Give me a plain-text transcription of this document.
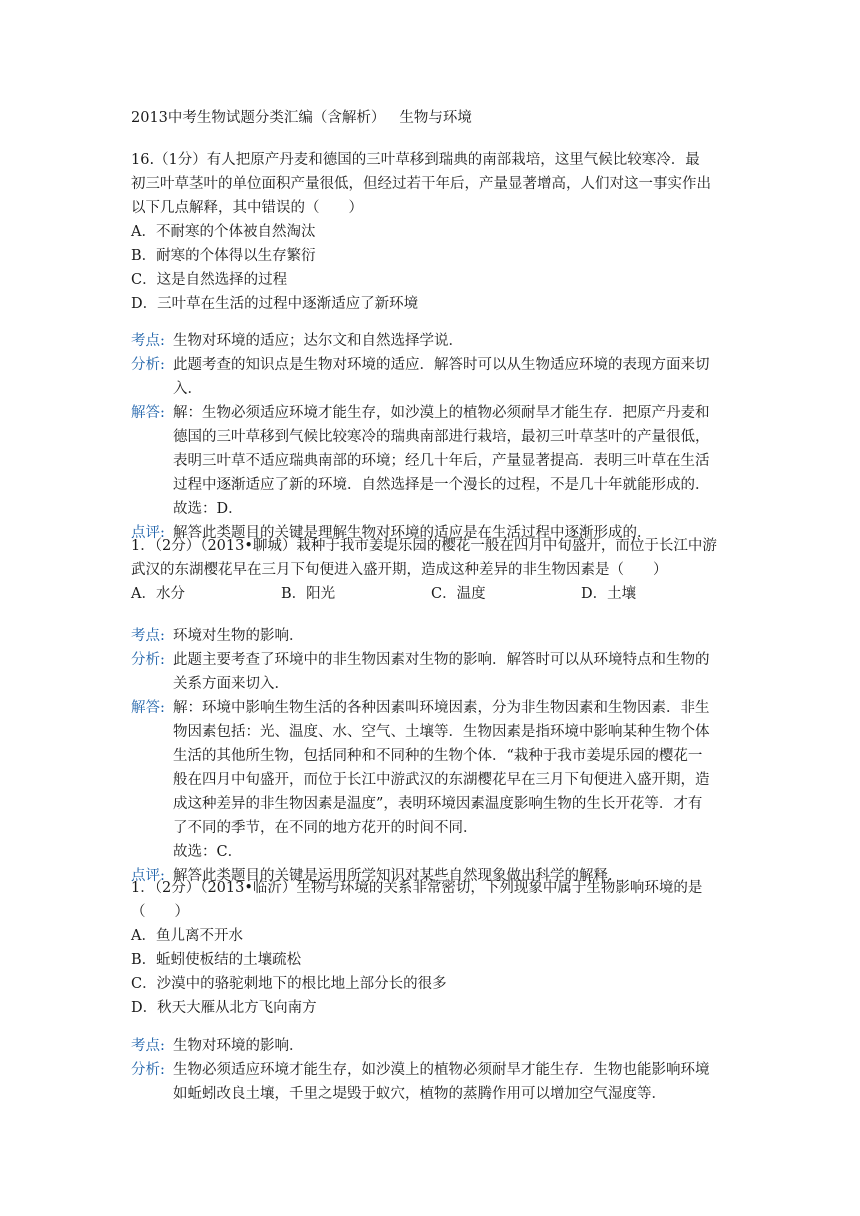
2013中考生物试题分类汇编（含解析） 生物与环境
16.（1分）有人把原产丹麦和德国的三叶草移到瑞典的南部栽培，这里气候比较寒冷．最
初三叶草茎叶的单位面积产量很低，但经过若干年后，产量显著增高，人们对这一事实作出
以下几点解释，其中错误的（　　）
A．不耐寒的个体被自然淘汰
B．耐寒的个体得以生存繁衍
C．这是自然选择的过程
D．三叶草在生活的过程中逐渐适应了新环境
考点: 生物对环境的适应；达尔文和自然选择学说．
分析: 此题考查的知识点是生物对环境的适应．解答时可以从生物适应环境的表现方面来切
入．
解答: 解：生物必须适应环境才能生存，如沙漠上的植物必须耐旱才能生存．把原产丹麦和
德国的三叶草移到气候比较寒冷的瑞典南部进行栽培，最初三叶草茎叶的产量很低，
表明三叶草不适应瑞典南部的环境；经几十年后，产量显著提高．表明三叶草在生活
过程中逐渐适应了新的环境．自然选择是一个漫长的过程，不是几十年就能形成的．
故选：D．
点评: 解答此类题目的关键是理解生物对环境的适应是在生活过程中逐渐形成的．
1．（2分）（2013•聊城）栽种于我市姜堤乐园的樱花一般在四月中旬盛开，而位于长江中游
武汉的东湖樱花早在三月下旬便进入盛开期，造成这种差异的非生物因素是（　　）
A．水分	B．阳光	C．温度	D．土壤
考点: 环境对生物的影响．
分析: 此题主要考查了环境中的非生物因素对生物的影响．解答时可以从环境特点和生物的
关系方面来切入．
解答: 解：环境中影响生物生活的各种因素叫环境因素，分为非生物因素和生物因素．非生
物因素包括：光、温度、水、空气、土壤等．生物因素是指环境中影响某种生物个体
生活的其他所生物，包括同种和不同种的生物个体．“栽种于我市姜堤乐园的樱花一
般在四月中旬盛开，而位于长江中游武汉的东湖樱花早在三月下旬便进入盛开期，造
成这种差异的非生物因素是温度”，表明环境因素温度影响生物的生长开花等．才有
了不同的季节，在不同的地方花开的时间不同．
故选：C．
点评: 解答此类题目的关键是运用所学知识对某些自然现象做出科学的解释．
1．（2分）（2013•临沂）生物与环境的关系非常密切，下列现象中属于生物影响环境的是
（　　）
A．鱼儿离不开水
B．蚯蚓使板结的土壤疏松
C．沙漠中的骆驼刺地下的根比地上部分长的很多
D．秋天大雁从北方飞向南方
考点: 生物对环境的影响．
分析: 生物必须适应环境才能生存，如沙漠上的植物必须耐旱才能生存．生物也能影响环境
如蚯蚓改良土壤，千里之堤毁于蚁穴，植物的蒸腾作用可以增加空气湿度等．
